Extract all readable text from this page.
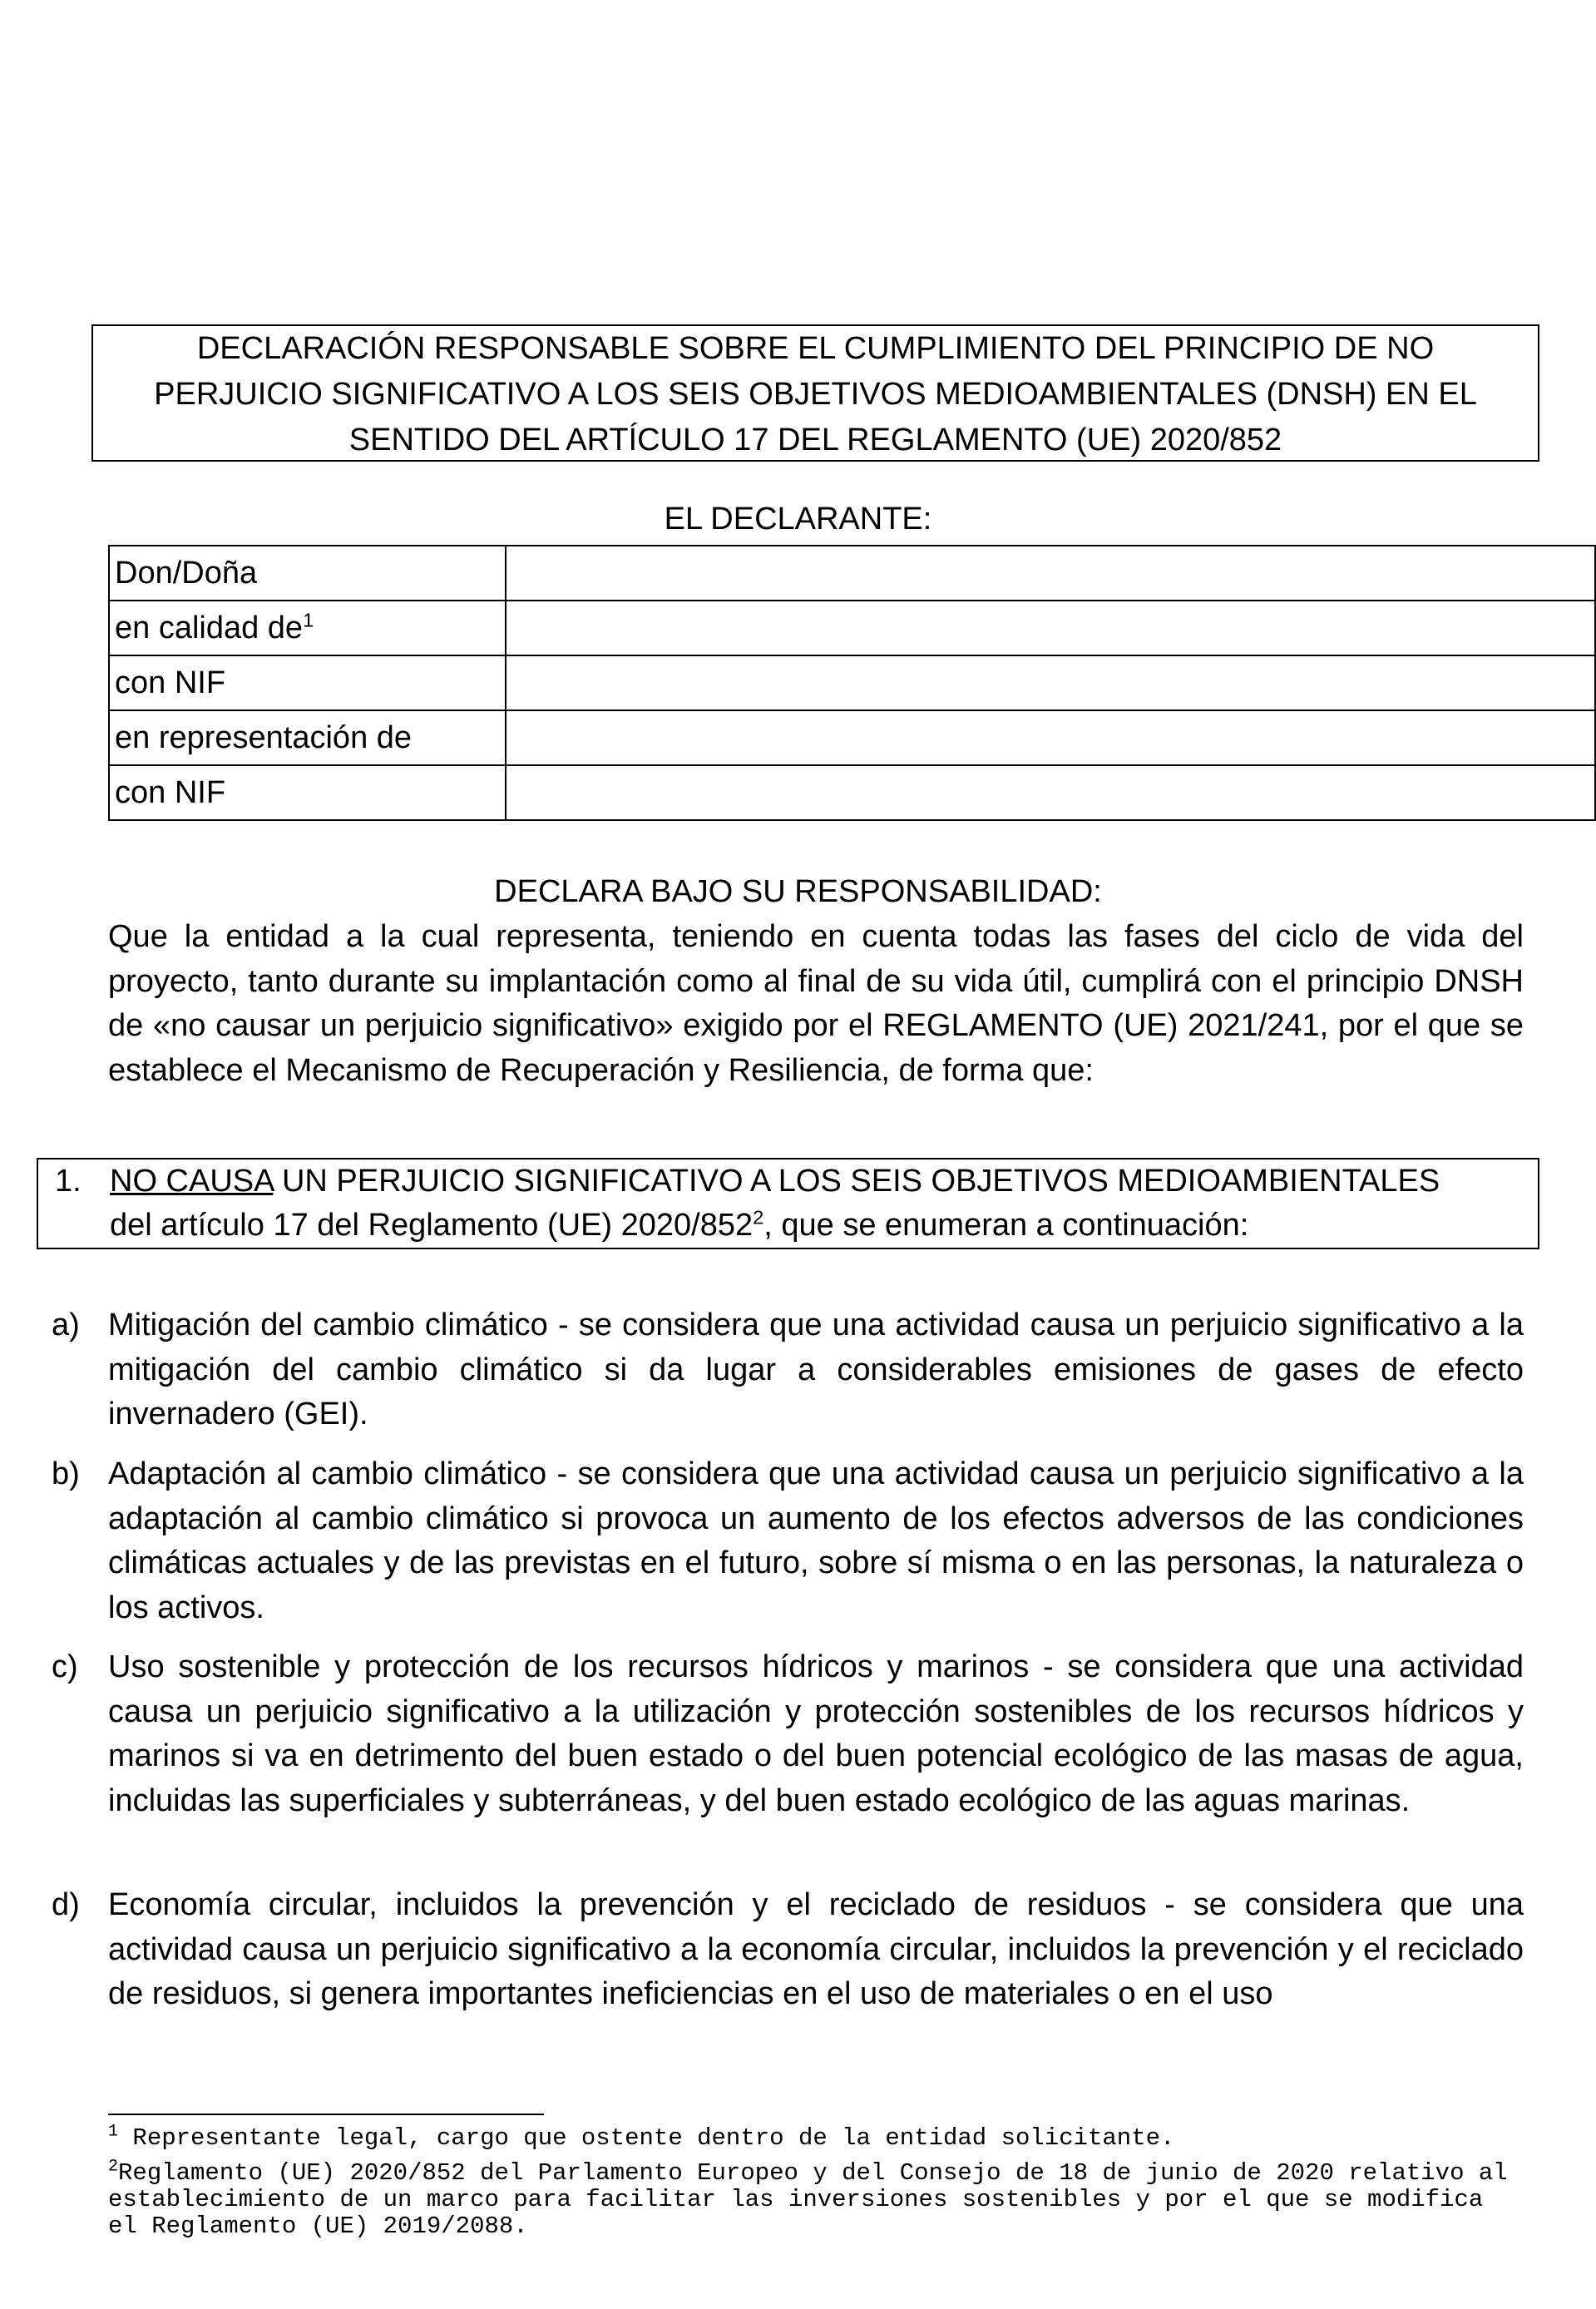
DECLARACIÓN RESPONSABLE SOBRE EL CUMPLIMIENTO DEL PRINCIPIO DE NO
PERJUICIO SIGNIFICATIVO A LOS SEIS OBJETIVOS MEDIOAMBIENTALES (DNSH) EN EL
SENTIDO DEL ARTÍCULO 17 DEL REGLAMENTO (UE) 2020/852
EL DECLARANTE:
Don/Doña	
en calidad $de^1$	
con NIF	
en representación de	
con NIF	
DECLARA BAJO SU RESPONSABILIDAD:
Que la entidad a la cual representa, teniendo en cuenta todas las fases del ciclo de vida del proyecto, tanto durante su implantación como al final de su vida útil, cumplirá con el principio DNSH de «no causar un perjuicio significativo» exigido por el REGLAMENTO (UE) 2021/241, por el que se establece el Mecanismo de Recuperación y Resiliencia, de forma que:
1. NO CAUSA UN PERJUICIO SIGNIFICATIVO A LOS SEIS OBJETIVOS MEDIOAMBIENTALES
del artículo 17 del Reglamento (UE) $2020/852^2$, que se enumeran a continuación:
a) Mitigación del cambio climático - se considera que una actividad causa un perjuicio significativo a la mitigación del cambio climático si da lugar a considerables emisiones de gases de efecto invernadero (GEI).
b) Adaptación al cambio climático - se considera que una actividad causa un perjuicio significativo a la adaptación al cambio climático si provoca un aumento de los efectos adversos de las condiciones climáticas actuales y de las previstas en el futuro, sobre sí misma o en las personas, la naturaleza o los activos.
c) Uso sostenible y protección de los recursos hídricos y marinos - se considera que una actividad causa un perjuicio significativo a la utilización y protección sostenibles de los recursos hídricos y marinos si va en detrimento del buen estado o del buen potencial ecológico de las masas de agua, incluidas las superficiales y subterráneas, y del buen estado ecológico de las aguas marinas.
d) Economía circular, incluidos la prevención y el reciclado de residuos - se considera que una actividad causa un perjuicio significativo a la economía circular, incluidos la prevención y el reciclado de residuos, si genera importantes ineficiencias en el uso de materiales o en el uso
$^1$ Representante legal, cargo que ostente dentro de la entidad solicitante.
$^2$Reglamento (UE) 2020/852 del Parlamento Europeo y del Consejo de 18 de junio de 2020 relativo al establecimiento de un marco para facilitar las inversiones sostenibles y por el que se modifica el Reglamento (UE) 2019/2088.
